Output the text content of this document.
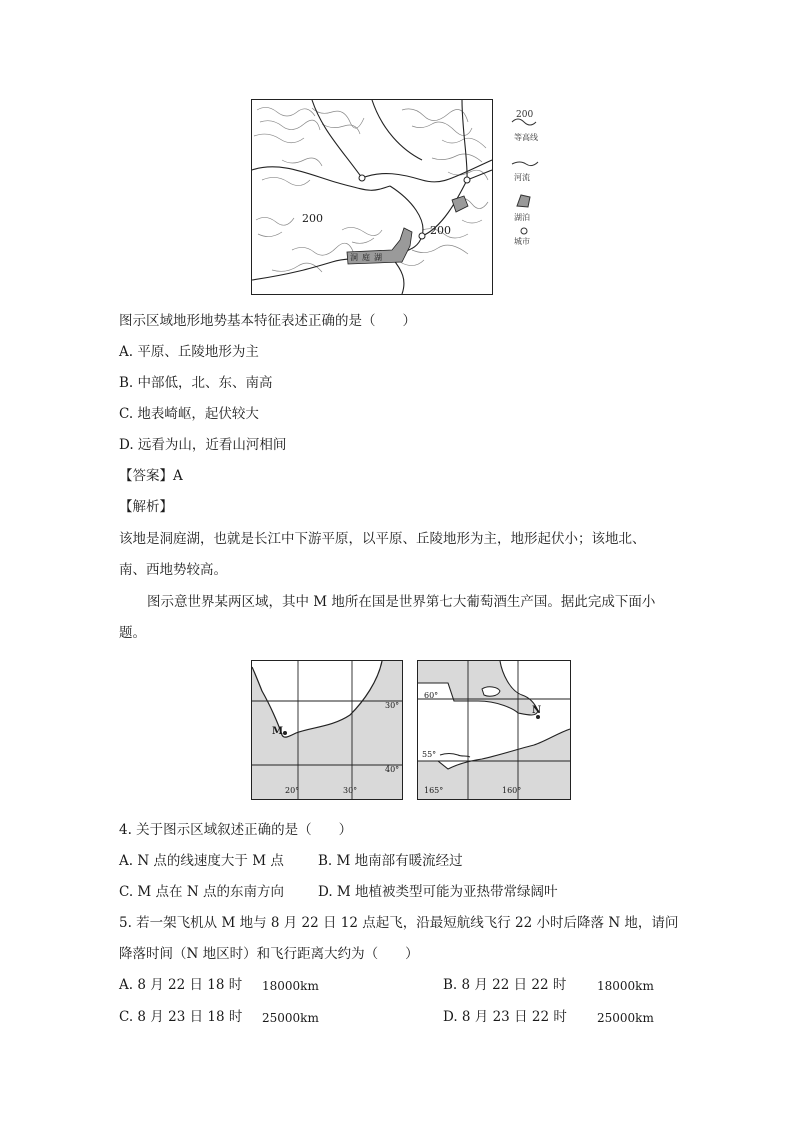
200
200
洞庭湖
200
等高线
河流
湖泊
城市
图示区域地形地势基本特征表述正确的是（　　）
A. 平原、丘陵地形为主
B. 中部低，北、东、南高
C. 地表崎岖，起伏较大
D. 远看为山，近看山河相间
【答案】A
【解析】
该地是洞庭湖，也就是长江中下游平原，以平原、丘陵地形为主，地形起伏小；该地北、
南、西地势较高。
图示意世界某两区域，其中 M 地所在国是世界第七大葡萄酒生产国。据此完成下面小
题。
M
30°
40°
20°	30°
N
60°
55°
165°	160°
4. 关于图示区域叙述正确的是（　　）
A. N 点的线速度大于 M 点	B. M 地南部有暖流经过
C. M 点在 N 点的东南方向	D. M 地植被类型可能为亚热带常绿阔叶
5. 若一架飞机从 M 地与 8 月 22 日 12 点起飞，沿最短航线飞行 22 小时后降落 N 地，请问
降落时间（N 地区时）和飞行距离大约为（　　）
A. 8 月 22 日 18 时 18000km	B. 8 月 22 日 22 时	18000km
C. 8 月 23 日 18 时 25000km	D. 8 月 23 日 22 时	25000km
